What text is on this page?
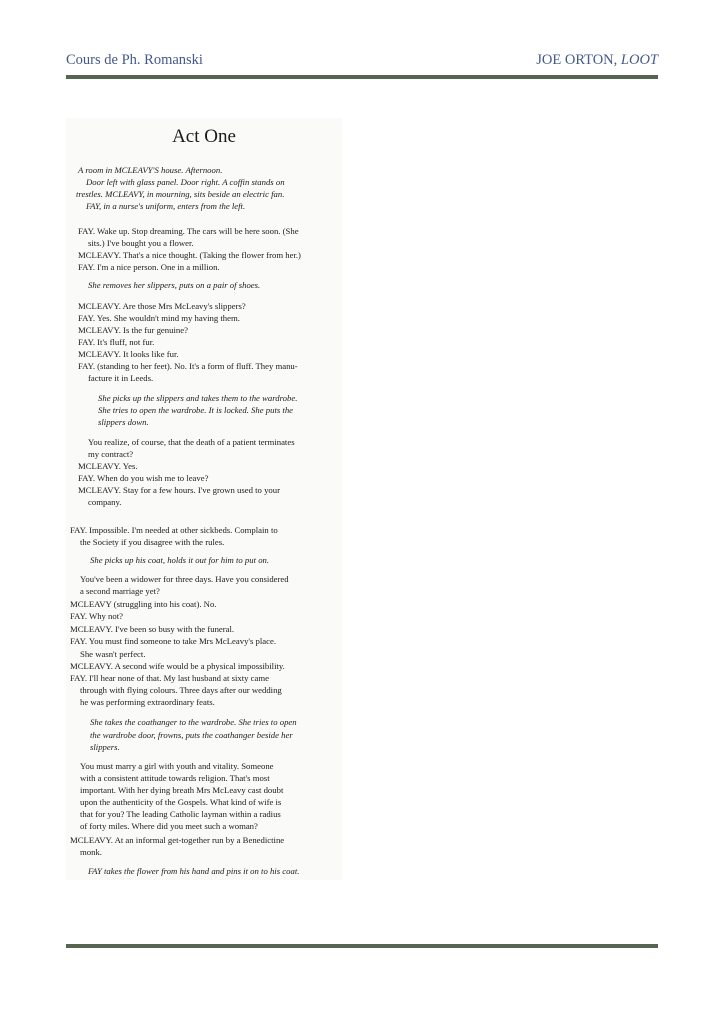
Cours de Ph. Romanski	JOE ORTON, LOOT
Act One

A room in MCLEAVY'S house. Afternoon.

Door left with glass panel. Door right. A coffin stands on

trestles. MCLEAVY, in mourning, sits beside an electric fan.

FAY, in a nurse's uniform, enters from the left.

FAY. Wake up. Stop dreaming. The cars will be here soon. (She

sits.) I've bought you a flower.

MCLEAVY. That's a nice thought. (Taking the flower from her.)

FAY. I'm a nice person. One in a million.

She removes her slippers, puts on a pair of shoes.

MCLEAVY. Are those Mrs McLeavy's slippers?

FAY. Yes. She wouldn't mind my having them.

MCLEAVY. Is the fur genuine?

FAY. It's fluff, not fur.

MCLEAVY. It looks like fur.

FAY. (standing to her feet). No. It's a form of fluff. They manu-

facture it in Leeds.

She picks up the slippers and takes them to the wardrobe.

She tries to open the wardrobe. It is locked. She puts the

slippers down.

You realize, of course, that the death of a patient terminates

my contract?

MCLEAVY. Yes.

FAY. When do you wish me to leave?

MCLEAVY. Stay for a few hours. I've grown used to your

company.

FAY. Impossible. I'm needed at other sickbeds. Complain to

the Society if you disagree with the rules.

She picks up his coat, holds it out for him to put on.

You've been a widower for three days. Have you considered

a second marriage yet?

MCLEAVY (struggling into his coat). No.

FAY. Why not?

MCLEAVY. I've been so busy with the funeral.

FAY. You must find someone to take Mrs McLeavy's place.

She wasn't perfect.

MCLEAVY. A second wife would be a physical impossibility.

FAY. I'll hear none of that. My last husband at sixty came

through with flying colours. Three days after our wedding

he was performing extraordinary feats.

She takes the coathanger to the wardrobe. She tries to open

the wardrobe door, frowns, puts the coathanger beside her

slippers.

You must marry a girl with youth and vitality. Someone

with a consistent attitude towards religion. That's most

important. With her dying breath Mrs McLeavy cast doubt

upon the authenticity of the Gospels. What kind of wife is

that for you? The leading Catholic layman within a radius

of forty miles. Where did you meet such a woman?

MCLEAVY. At an informal get-together run by a Benedictine

monk.

FAY takes the flower from his hand and pins it on to his coat.
